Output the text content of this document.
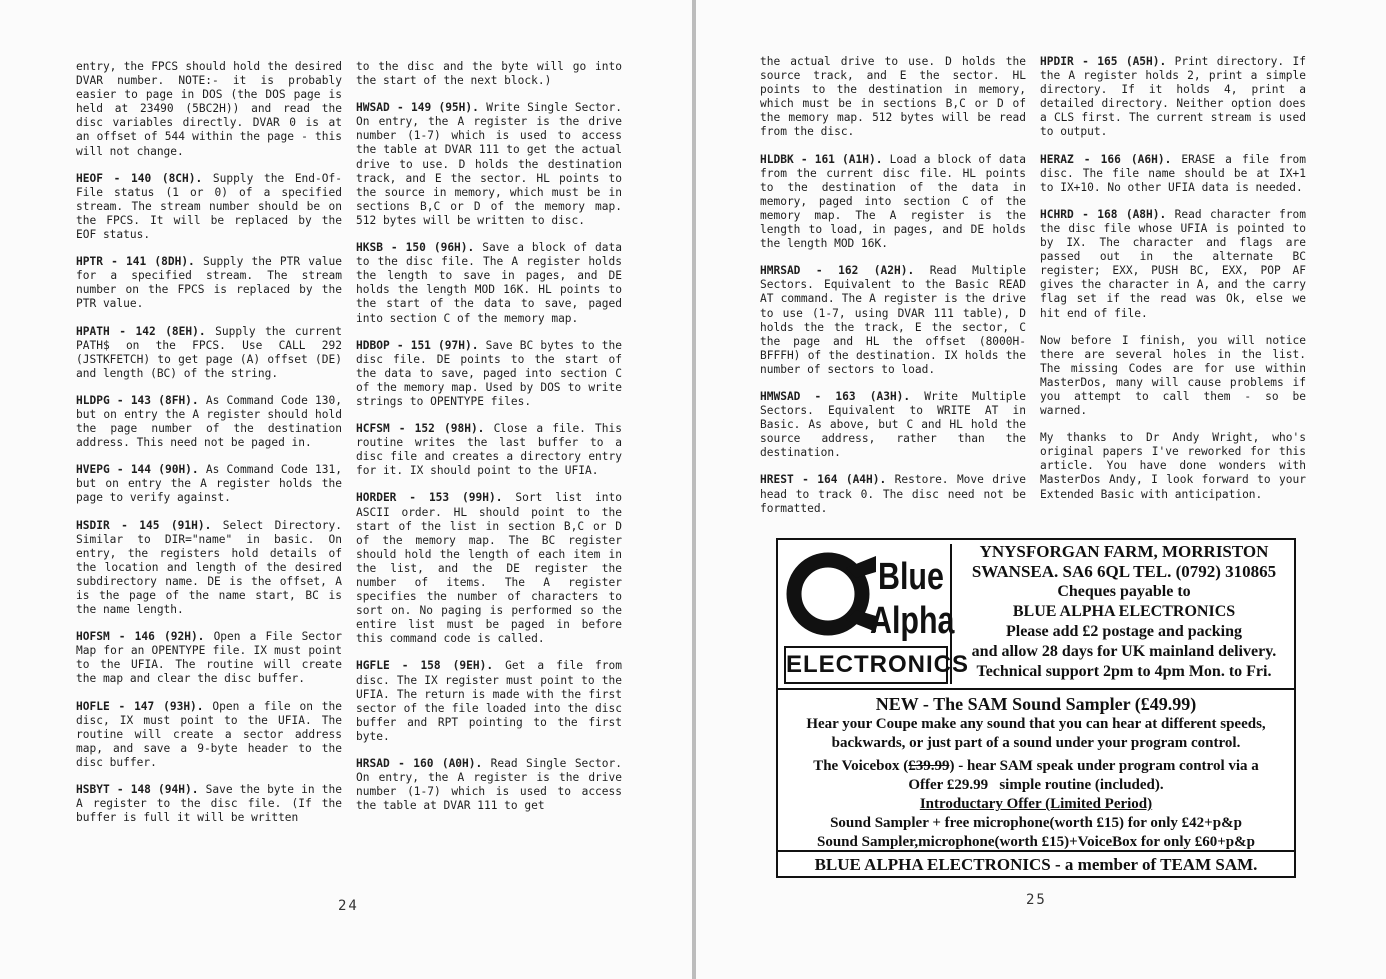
entry, the FPCS should hold the desired DVAR number. NOTE:- it is probably easier to page in DOS (the DOS page is held at 23490 (5BC2H)) and read the disc variables directly. DVAR 0 is at an offset of 544 within the page - this will not change.

HEOF - 140 (8CH). Supply the End-Of-File status (1 or 0) of a specified stream. The stream number should be on the FPCS. It will be replaced by the EOF status.

HPTR - 141 (8DH). Supply the PTR value for a specified stream. The stream number on the FPCS is replaced by the PTR value.

HPATH - 142 (8EH). Supply the current PATH$ on the FPCS. Use CALL 292 (JSTKFETCH) to get page (A) offset (DE) and length (BC) of the string.

HLDPG - 143 (8FH). As Command Code 130, but on entry the A register should hold the page number of the destination address. This need not be paged in.

HVEPG - 144 (90H). As Command Code 131, but on entry the A register holds the page to verify against.

HSDIR - 145 (91H). Select Directory. Similar to DIR="name" in basic. On entry, the registers hold details of the location and length of the desired subdirectory name. DE is the offset, A is the page of the name start, BC is the name length.

HOFSM - 146 (92H). Open a File Sector Map for an OPENTYPE file. IX must point to the UFIA. The routine will create the map and clear the disc buffer.

HOFLE - 147 (93H). Open a file on the disc, IX must point to the UFIA. The routine will create a sector address map, and save a 9-byte header to the disc buffer.

HSBYT - 148 (94H). Save the byte in the A register to the disc file. (If the buffer is full it will be written

to the disc and the byte will go into the start of the next block.)

HWSAD - 149 (95H). Write Single Sector. On entry, the A register is the drive number (1-7) which is used to access the table at DVAR 111 to get the actual drive to use. D holds the destination track, and E the sector. HL points to the source in memory, which must be in sections B,C or D of the memory map. 512 bytes will be written to disc.

HKSB - 150 (96H). Save a block of data to the disc file. The A register holds the length to save in pages, and DE holds the length MOD 16K. HL points to the start of the data to save, paged into section C of the memory map.

HDBOP - 151 (97H). Save BC bytes to the disc file. DE points to the start of the data to save, paged into section C of the memory map. Used by DOS to write strings to OPENTYPE files.

HCFSM - 152 (98H). Close a file. This routine writes the last buffer to a disc file and creates a directory entry for it. IX should point to the UFIA.

HORDER - 153 (99H). Sort list into ASCII order. HL should point to the start of the list in section B,C or D of the memory map. The BC register should hold the length of each item in the list, and the DE register the number of items. The A register specifies the number of characters to sort on. No paging is performed so the entire list must be paged in before this command code is called.

HGFLE - 158 (9EH). Get a file from disc. The IX register must point to the UFIA. The return is made with the first sector of the file loaded into the disc buffer and RPT pointing to the first byte.

HRSAD - 160 (A0H). Read Single Sector. On entry, the A register is the drive number (1-7) which is used to access the table at DVAR 111 to get

24

the actual drive to use. D holds the source track, and E the sector. HL points to the destination in memory, which must be in sections B,C or D of the memory map. 512 bytes will be read from the disc.

HLDBK - 161 (A1H). Load a block of data from the current disc file. HL points to the destination of the data in memory, paged into section C of the memory map. The A register is the length to load, in pages, and DE holds the length MOD 16K.

HMRSAD - 162 (A2H). Read Multiple Sectors. Equivalent to the Basic READ AT command. The A register is the drive to use (1-7, using DVAR 111 table), D holds the the track, E the sector, C the page and HL the offset (8000H-BFFFH) of the destination. IX holds the number of sectors to load.

HMWSAD - 163 (A3H). Write Multiple Sectors. Equivalent to WRITE AT in Basic. As above, but C and HL hold the source address, rather than the destination.

HREST - 164 (A4H). Restore. Move drive head to track 0. The disc need not be formatted.

HPDIR - 165 (A5H). Print directory. If the A register holds 2, print a simple directory. If it holds 4, print a detailed directory. Neither option does a CLS first. The current stream is used to output.

HERAZ - 166 (A6H). ERASE a file from disc. The file name should be at IX+1 to IX+10. No other UFIA data is needed.

HCHRD - 168 (A8H). Read character from the disc file whose UFIA is pointed to by IX. The character and flags are passed out in the alternate BC register; EXX, PUSH BC, EXX, POP AF gives the character in A, and the carry flag set if the read was Ok, else we hit end of file.

Now before I finish, you will notice there are several holes in the list. The missing Codes are for use within MasterDos, many will cause problems if you attempt to call them - so be warned.

My thanks to Dr Andy Wright, who's original papers I've reworked for this article. You have done wonders with MasterDos Andy, I look forward to your Extended Basic with anticipation.

Blue
Alpha
ELECTRONICS
YNYSFORGAN FARM, MORRISTON
SWANSEA. SA6 6QL TEL. (0792) 310865
Cheques payable to
BLUE ALPHA ELECTRONICS
Please add £2 postage and packing
and allow 28 days for UK mainland delivery.
Technical support 2pm to 4pm Mon. to Fri.
NEW - The SAM Sound Sampler (£49.99)
Hear your Coupe make any sound that you can hear at different speeds,
backwards, or just part of a sound under your program control.
The Voicebox (£39.99) - hear SAM speak under program control via a
Offer £29.99 simple routine (included).
Introductary Offer (Limited Period)
Sound Sampler + free microphone(worth £15) for only £42+p&p
Sound Sampler,microphone(worth £15)+VoiceBox for only £60+p&p
BLUE ALPHA ELECTRONICS - a member of TEAM SAM.
25
